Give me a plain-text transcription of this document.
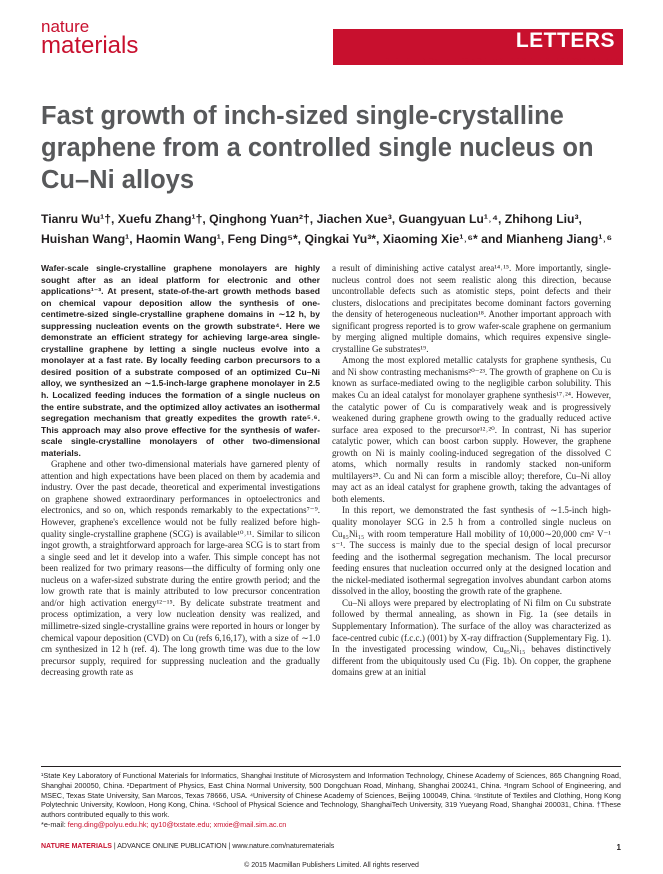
nature
materials	LETTERS
PUBLISHED ONLINE: 23 NOVEMBER 2015 | DOI: 10.1038/NMAT4477
Fast growth of inch-sized single-crystalline graphene from a controlled single nucleus on Cu–Ni alloys
Tianru Wu¹†, Xuefu Zhang¹†, Qinghong Yuan²†, Jiachen Xue³, Guangyuan Lu¹˒⁴, Zhihong Liu³, Huishan Wang¹, Haomin Wang¹, Feng Ding⁵*, Qingkai Yu³*, Xiaoming Xie¹˒⁶* and Mianheng Jiang¹˒⁶

Wafer-scale single-crystalline graphene monolayers are highly sought after as an ideal platform for electronic and other applications¹⁻³. At present, state-of-the-art growth methods based on chemical vapour deposition allow the synthesis of one-centimetre-sized single-crystalline graphene domains in ∼12 h, by suppressing nucleation events on the growth substrate⁴. Here we demonstrate an efficient strategy for achieving large-area single-crystalline graphene by letting a single nucleus evolve into a monolayer at a fast rate. By locally feeding carbon precursors to a desired position of a substrate composed of an optimized Cu–Ni alloy, we synthesized an ∼1.5-inch-large graphene monolayer in 2.5 h. Localized feeding induces the formation of a single nucleus on the entire substrate, and the optimized alloy activates an isothermal segregation mechanism that greatly expedites the growth rate⁵˒⁶. This approach may also prove effective for the synthesis of wafer-scale single-crystalline monolayers of other two-dimensional materials.

Graphene and other two-dimensional materials have garnered plenty of attention and high expectations have been placed on them by academia and industry. Over the past decade, theoretical and experimental investigations on graphene showed extraordinary performances in optoelectronics and electronics, and so on, which responds remarkably to the expectations⁷⁻⁹. However, graphene's excellence would not be fully realized before high-quality single-crystalline graphene (SCG) is available¹⁰˒¹¹. Similar to silicon ingot growth, a straightforward approach for large-area SCG is to start from a single seed and let it develop into a wafer. This simple concept has not been realized for two primary reasons—the difficulty of forming only one nucleus on a wafer-sized substrate during the entire growth period; and the low growth rate that is mainly attributed to low precursor concentration and/or high activation energy¹²⁻¹⁵. By delicate substrate treatment and process optimization, a very low nucleation density was realized, and millimetre-sized single-crystalline grains were reported in hours or longer by chemical vapour deposition (CVD) on Cu (refs 6,16,17), with a size of ∼1.0 cm synthesized in 12 h (ref. 4). The long growth time was due to the low precursor supply, required for suppressing nucleation and the gradually decreasing growth rate as

a result of diminishing active catalyst area¹⁴˒¹⁵. More importantly, single-nucleus control does not seem realistic along this direction, because uncontrollable defects such as atomistic steps, point defects and their clusters, dislocations and precipitates become dominant factors governing the density of heterogeneous nucleation¹⁸. Another important approach with significant progress reported is to grow wafer-scale graphene on germanium by merging aligned multiple domains, which requires expensive single-crystalline Ge substrates¹⁹.

Among the most explored metallic catalysts for graphene synthesis, Cu and Ni show contrasting mechanisms²⁰⁻²³. The growth of graphene on Cu is known as surface-mediated owing to the negligible carbon solubility. This makes Cu an ideal catalyst for monolayer graphene synthesis¹⁷˒²⁴. However, the catalytic power of Cu is comparatively weak and is progressively weakened during graphene growth owing to the gradually reduced active surface area exposed to the precursor¹²˒²⁰. In contrast, Ni has superior catalytic power, which can boost carbon supply. However, the graphene growth on Ni is mainly cooling-induced segregation of the dissolved C atoms, which normally results in randomly stacked non-uniform multilayers²⁵. Cu and Ni can form a miscible alloy; therefore, Cu–Ni alloy may act as an ideal catalyst for graphene growth, taking the advantages of both elements.

In this report, we demonstrated the fast synthesis of ∼1.5-inch high-quality monolayer SCG in 2.5 h from a controlled single nucleus on Cu₈₅Ni₁₅ with room temperature Hall mobility of 10,000∼20,000 cm² V⁻¹ s⁻¹. The success is mainly due to the special design of local precursor feeding and the isothermal segregation mechanism. The local precursor feeding ensures that nucleation occurred only at the designed location and the nickel-mediated isothermal segregation involves abundant carbon atoms dissolved in the alloy, boosting the growth rate of the graphene.

Cu–Ni alloys were prepared by electroplating of Ni film on Cu substrate followed by thermal annealing, as shown in Fig. 1a (see details in Supplementary Information). The surface of the alloy was characterized as face-centred cubic (f.c.c.) (001) by X-ray diffraction (Supplementary Fig. 1). In the investigated processing window, Cu₈₅Ni₁₅ behaves distinctively different from the ubiquitously used Cu (Fig. 1b). On copper, the graphene domains grew at an initial

¹State Key Laboratory of Functional Materials for Informatics, Shanghai Institute of Microsystem and Information Technology, Chinese Academy of Sciences, 865 Changning Road, Shanghai 200050, China. ²Department of Physics, East China Normal University, 500 Dongchuan Road, Minhang, Shanghai 200241, China. ³Ingram School of Engineering, and MSEC, Texas State University, San Marcos, Texas 78666, USA. ⁴University of Chinese Academy of Sciences, Beijing 100049, China. ⁵Institute of Textiles and Clothing, Hong Kong Polytechnic University, Kowloon, Hong Kong, China. ⁶School of Physical Science and Technology, ShanghaiTech University, 319 Yueyang Road, Shanghai 200031, China. †These authors contributed equally to this work.
*e-mail: feng.ding@polyu.edu.hk; qy10@txstate.edu; xmxie@mail.sim.ac.cn
NATURE MATERIALS | ADVANCE ONLINE PUBLICATION | www.nature.com/naturematerials	1
© 2015 Macmillan Publishers Limited. All rights reserved
